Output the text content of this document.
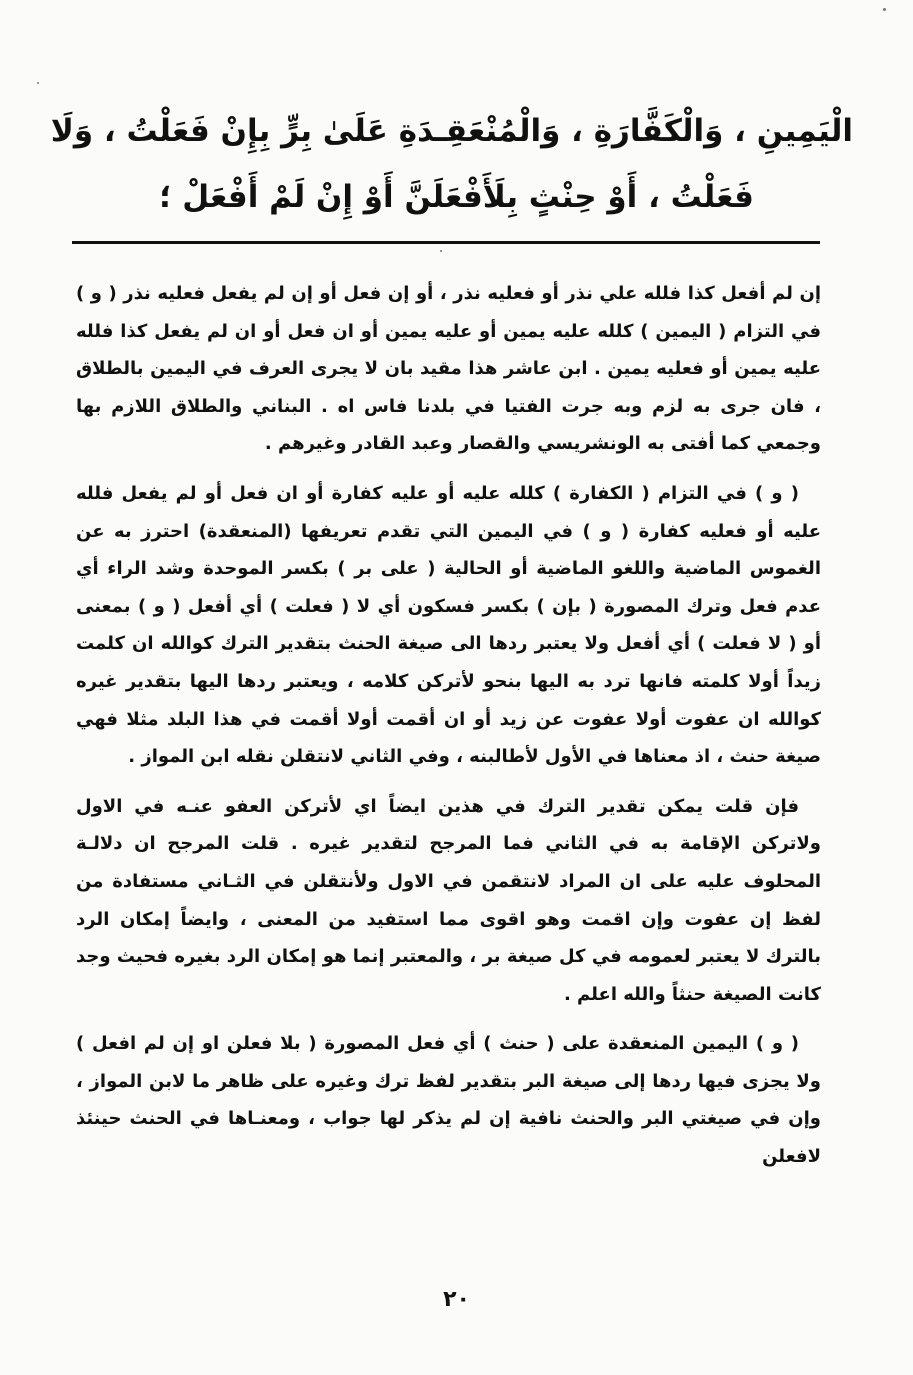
الْيَمِينِ ، وَالْكَفَّارَةِ ، وَالْمُنْعَقِـدَةِ عَلَىٰ بِرٍّ بِإِنْ فَعَلْتُ ، وَلَا
فَعَلْتُ ، أَوْ حِنْثٍ بِلَأَفْعَلَنَّ أَوْ إِنْ لَمْ أَفْعَلْ ؛

إن لم أفعل كذا فلله علي نذر أو فعليه نذر ، أو إن فعل أو إن لم يفعل فعليه نذر ( و ) في التزام ( اليمين ) كلله عليه يمين أو عليه يمين أو ان فعل أو ان لم يفعل كذا فلله عليه يمين أو فعليه يمين . ابن عاشر هذا مقيد بان لا يجرى العرف في اليمين بالطلاق ، فان جرى به لزم وبه جرت الفتيا في بلدنا فاس اه . البناني والطلاق اللازم بها وجمعي كما أفتى به الونشريسي والقصار وعبد القادر وغيرهم .

( و ) في التزام ( الكفارة ) كلله عليه أو عليه كفارة أو ان فعل أو لم يفعل فلله عليه أو فعليه كفارة ( و ) في اليمين التي تقدم تعريفها (المنعقدة) احترز به عن الغموس الماضية واللغو الماضية أو الحالية ( على بر ) بكسر الموحدة وشد الراء أي عدم فعل وترك المصورة ( بإن ) بكسر فسكون أي لا ( فعلت ) أي أفعل ( و ) بمعنى أو ( لا فعلت ) أي أفعل ولا يعتبر ردها الى صيغة الحنث بتقدير الترك كوالله ان كلمت زيداً أولا كلمته فانها ترد به اليها بنحو لأتركن كلامه ، ويعتبر ردها اليها بتقدير غيره كوالله ان عفوت أولا عفوت عن زيد أو ان أقمت أولا أقمت في هذا البلد مثلا فهي صيغة حنث ، اذ معناها في الأول لأطالبنه ، وفي الثاني لانتقلن نقله ابن المواز .

فإن قلت يمكن تقدير الترك في هذين ايضاً اي لأتركن العفو عنـه في الاول ولاتركن الإقامة به في الثاني فما المرجح لتقدير غيره . قلت المرجح ان دلالـة المحلوف عليه على ان المراد لانتقمن في الاول ولأنتقلن في الثـاني مستفادة من لفظ إن عفوت وإن اقمت وهو اقوى مما استفيد من المعنى ، وايضاً إمكان الرد بالترك لا يعتبر لعمومه في كل صيغة بر ، والمعتبر إنما هو إمكان الرد بغيره فحيث وجد كانت الصيغة حنثاً والله اعلم .

( و ) اليمين المنعقدة على ( حنث ) أي فعل المصورة ( بلا فعلن او إن لم افعل ) ولا يجزى فيها ردها إلى صيغة البر بتقدير لفظ ترك وغيره على ظاهر ما لابن المواز ، وإن في صيغتي البر والحنث نافية إن لم يذكر لها جواب ، ومعنـاها في الحنث حينئذ لافعلن

٢٠
